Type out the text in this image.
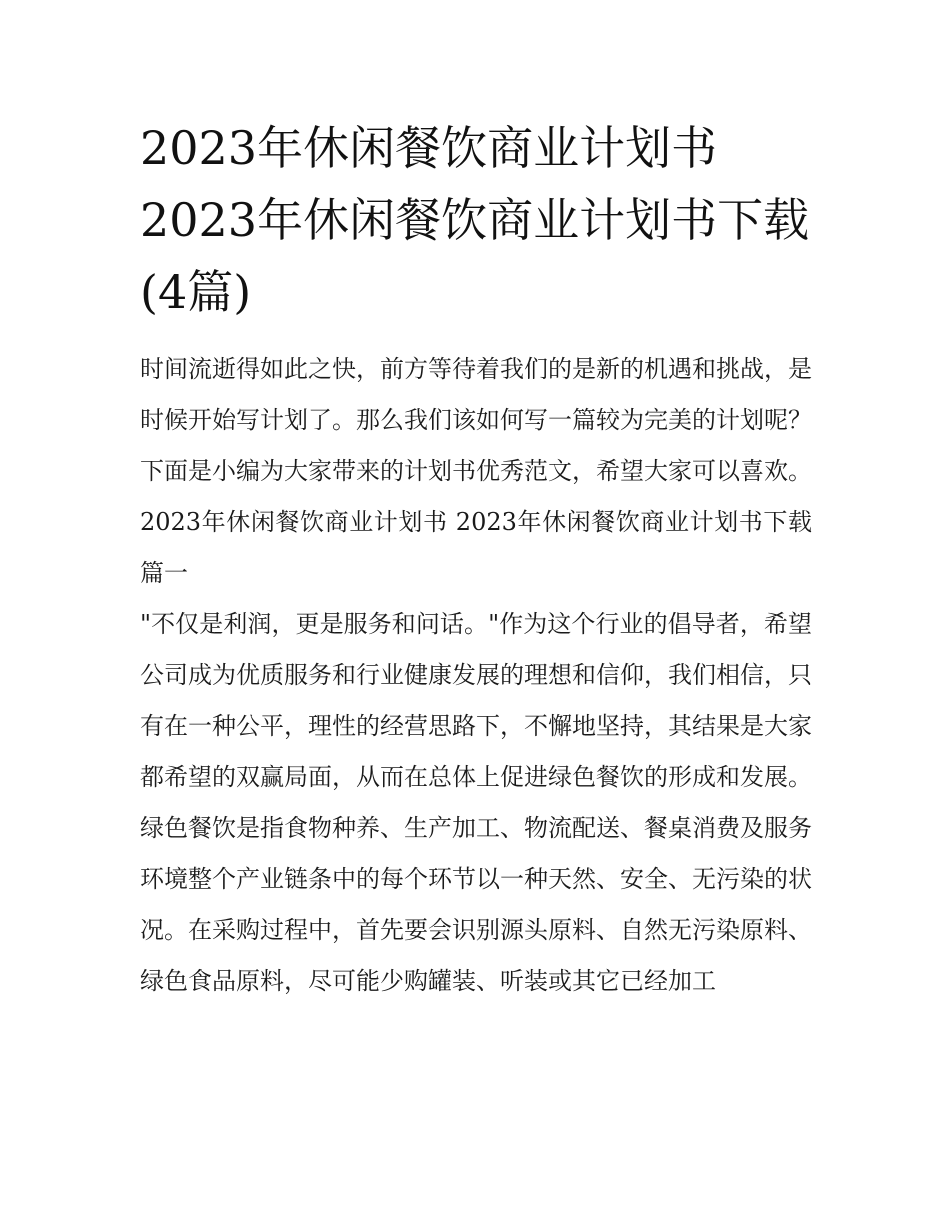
2023年休闲餐饮商业计划书 2023年休闲餐饮商业计划书下载(4篇)

时间流逝得如此之快，前方等待着我们的是新的机遇和挑战，是时候开始写计划了。那么我们该如何写一篇较为完美的计划呢？下面是小编为大家带来的计划书优秀范文，希望大家可以喜欢。

2023年休闲餐饮商业计划书 2023年休闲餐饮商业计划书下载篇一

"不仅是利润，更是服务和问话。"作为这个行业的倡导者，希望公司成为优质服务和行业健康发展的理想和信仰，我们相信，只有在一种公平，理性的经营思路下，不懈地坚持，其结果是大家都希望的双赢局面，从而在总体上促进绿色餐饮的形成和发展。

绿色餐饮是指食物种养、生产加工、物流配送、餐桌消费及服务环境整个产业链条中的每个环节以一种天然、安全、无污染的状况。在采购过程中，首先要会识别源头原料、自然无污染原料、绿色食品原料，尽可能少购罐装、听装或其它已经加工
